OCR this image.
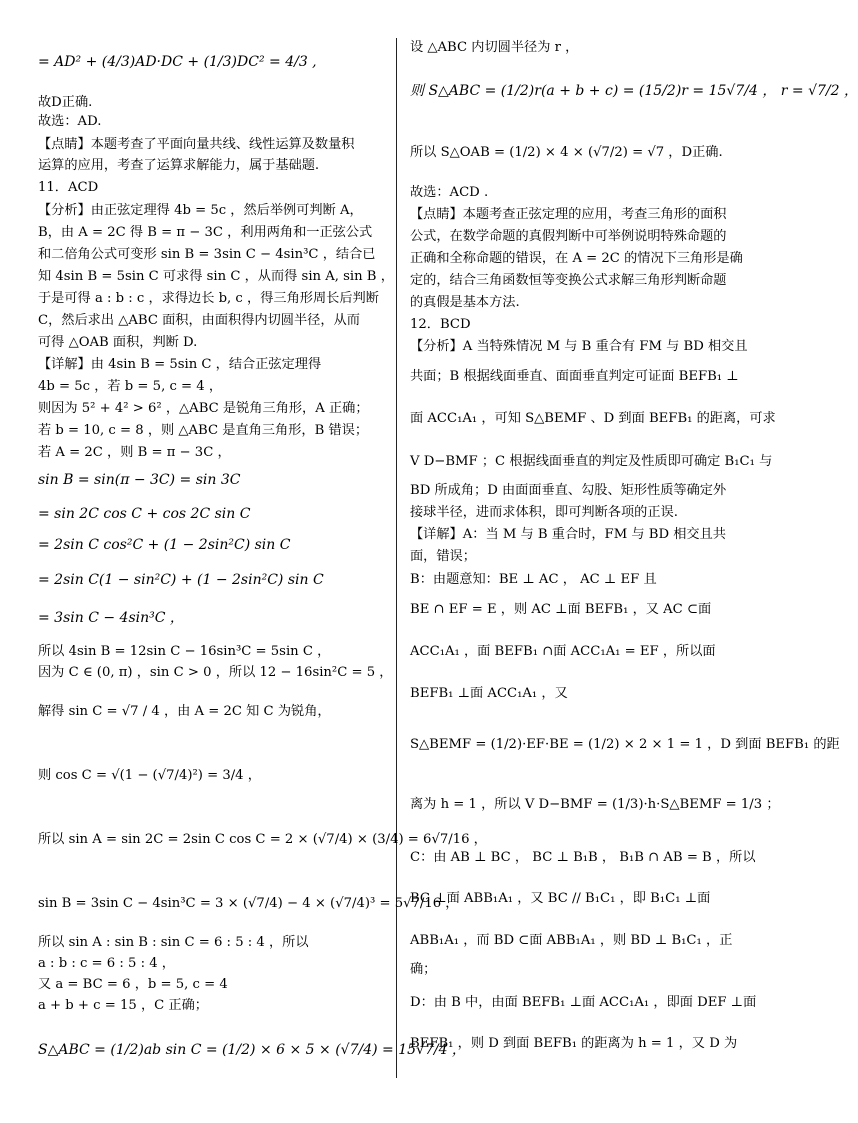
= AD² + (4/3)AD·DC + (1/3)DC² = 4/3 ,
故D正确.
故选：AD.
【点睛】本题考查了平面向量共线、线性运算及数量积
运算的应用，考查了运算求解能力，属于基础题.
11．ACD
【分析】由正弦定理得 4b = 5c ，然后举例可判断 A，
B，由 A = 2C 得 B = π − 3C ，利用两角和一正弦公式
和二倍角公式可变形 sin B = 3sin C − 4sin³C ，结合已
知 4sin B = 5sin C 可求得 sin C ，从而得 sin A, sin B ，
于是可得 a : b : c ，求得边长 b, c ，得三角形周长后判断
C，然后求出 △ABC 面积，由面积得内切圆半径，从而
可得 △OAB 面积，判断 D.
【详解】由 4sin B = 5sin C ，结合正弦定理得
4b = 5c ，若 b = 5, c = 4 ，
则因为 5² + 4² > 6² ，△ABC 是锐角三角形，A 正确；
若 b = 10, c = 8 ，则 △ABC 是直角三角形，B 错误；
若 A = 2C ，则 B = π − 3C ，
sin B = sin(π − 3C) = sin 3C
= sin 2C cos C + cos 2C sin C
= 2sin C cos²C + (1 − 2sin²C) sin C
= 2sin C(1 − sin²C) + (1 − 2sin²C) sin C
= 3sin C − 4sin³C ，
所以 4sin B = 12sin C − 16sin³C = 5sin C ，
因为 C ∈ (0, π) ，sin C > 0 ，所以 12 − 16sin²C = 5 ，
解得 sin C = √7 / 4 ，由 A = 2C 知 C 为锐角，
则 cos C = √(1 − (√7/4)²) = 3/4 ，
所以 sin A = sin 2C = 2sin C cos C = 2 × (√7/4) × (3/4) = 6√7/16 ，
sin B = 3sin C − 4sin³C = 3 × (√7/4) − 4 × (√7/4)³ = 5√7/16 ，
所以 sin A : sin B : sin C = 6 : 5 : 4 ，所以
a : b : c = 6 : 5 : 4 ，
又 a = BC = 6 ，b = 5, c = 4
a + b + c = 15 ，C 正确；
S△ABC = (1/2)ab sin C = (1/2) × 6 × 5 × (√7/4) = 15√7/4 ，
设 △ABC 内切圆半径为 r ，
则 S△ABC = (1/2)r(a + b + c) = (15/2)r = 15√7/4 ， r = √7/2 ，
所以 S△OAB = (1/2) × 4 × (√7/2) = √7 ，D正确.
故选：ACD .
【点睛】本题考查正弦定理的应用，考查三角形的面积
公式，在数学命题的真假判断中可举例说明特殊命题的
正确和全称命题的错误，在 A = 2C 的情况下三角形是确
定的，结合三角函数恒等变换公式求解三角形判断命题
的真假是基本方法.
12．BCD
【分析】A 当特殊情况 M 与 B 重合有 FM 与 BD 相交且
共面；B 根据线面垂直、面面垂直判定可证面 BEFB₁ ⊥
面 ACC₁A₁ ，可知 S△BEMF 、D 到面 BEFB₁ 的距离，可求
V D−BMF ；C 根据线面垂直的判定及性质即可确定 B₁C₁ 与
BD 所成角；D 由面面垂直、勾股、矩形性质等确定外
接球半径，进而求体积，即可判断各项的正误.
【详解】A：当 M 与 B 重合时，FM 与 BD 相交且共
面，错误；
B：由题意知：BE ⊥ AC ， AC ⊥ EF 且
BE ∩ EF = E ，则 AC ⊥面 BEFB₁ ，又 AC ⊂面
ACC₁A₁ ，面 BEFB₁ ∩面 ACC₁A₁ = EF ，所以面
BEFB₁ ⊥面 ACC₁A₁ ，又
S△BEMF = (1/2)·EF·BE = (1/2) × 2 × 1 = 1 ，D 到面 BEFB₁ 的距
离为 h = 1 ，所以 V D−BMF = (1/3)·h·S△BEMF = 1/3 ；
C：由 AB ⊥ BC ， BC ⊥ B₁B ， B₁B ∩ AB = B ，所以
BC ⊥面 ABB₁A₁ ，又 BC // B₁C₁ ，即 B₁C₁ ⊥面
ABB₁A₁ ，而 BD ⊂面 ABB₁A₁ ，则 BD ⊥ B₁C₁ ，正
确；
D：由 B 中，由面 BEFB₁ ⊥面 ACC₁A₁ ，即面 DEF ⊥面
BEFB₁ ，则 D 到面 BEFB₁ 的距离为 h = 1 ，又 D 为
